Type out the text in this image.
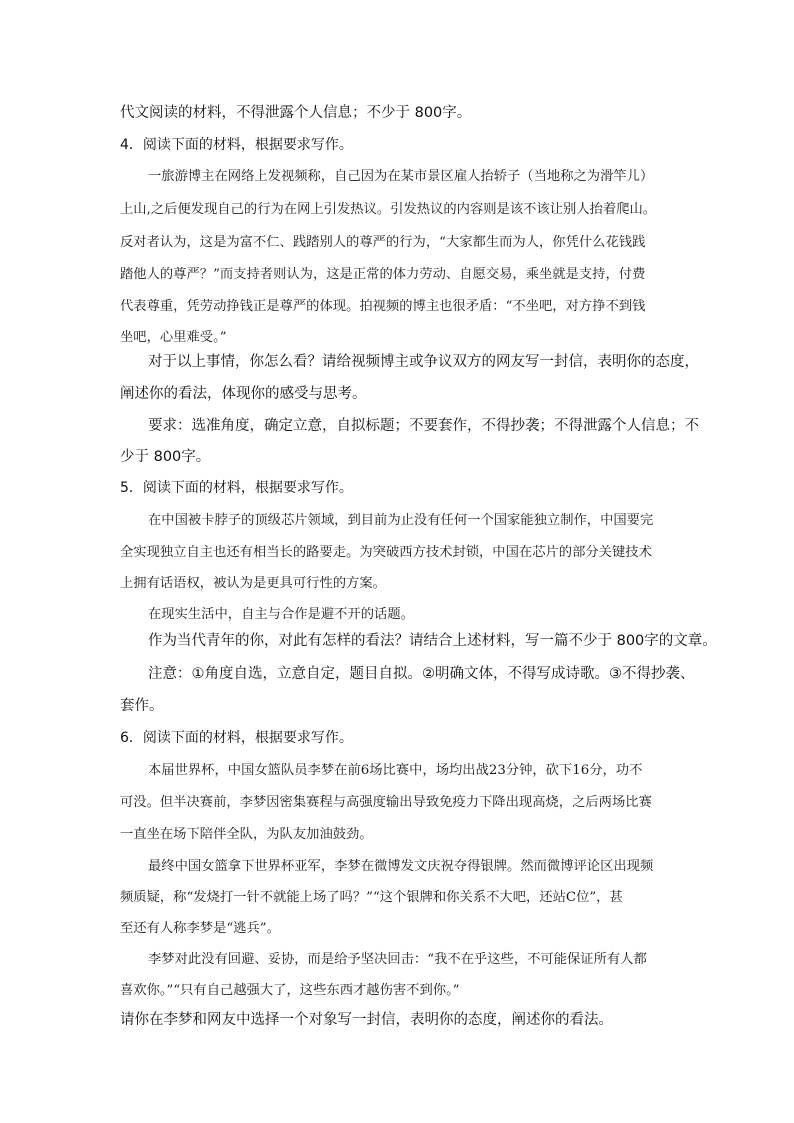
代文阅读的材料，不得泄露个人信息；不少于 800字。
4．阅读下面的材料，根据要求写作。
一旅游博主在网络上发视频称，自己因为在某市景区雇人抬轿子（当地称之为滑竿儿）
上山,之后便发现自己的行为在网上引发热议。引发热议的内容则是该不该让别人抬着爬山。
反对者认为，这是为富不仁、践踏别人的尊严的行为，“大家都生而为人，你凭什么花钱践
踏他人的尊严？”而支持者则认为，这是正常的体力劳动、自愿交易，乘坐就是支持，付费
代表尊重，凭劳动挣钱正是尊严的体现。拍视频的博主也很矛盾：“不坐吧，对方挣不到钱
坐吧，心里难受。”
对于以上事情，你怎么看？请给视频博主或争议双方的网友写一封信，表明你的态度，
阐述你的看法，体现你的感受与思考。
要求：选准角度，确定立意，自拟标题；不要套作，不得抄袭；不得泄露个人信息；不
少于 800字。
5．阅读下面的材料，根据要求写作。
在中国被卡脖子的顶级芯片领域，到目前为止没有任何一个国家能独立制作，中国要完
全实现独立自主也还有相当长的路要走。为突破西方技术封锁，中国在芯片的部分关键技术
上拥有话语权，被认为是更具可行性的方案。
在现实生活中，自主与合作是避不开的话题。
作为当代青年的你，对此有怎样的看法？请结合上述材料，写一篇不少于 800字的文章。
注意：①角度自选，立意自定，题目自拟。②明确文体，不得写成诗歌。③不得抄袭、
套作。
6．阅读下面的材料，根据要求写作。
本届世界杯，中国女篮队员李梦在前6场比赛中，场均出战23分钟，砍下16分，功不
可没。但半决赛前，李梦因密集赛程与高强度输出导致免疫力下降出现高烧，之后两场比赛
一直坐在场下陪伴全队，为队友加油鼓劲。
最终中国女篮拿下世界杯亚军，李梦在微博发文庆祝夺得银牌。然而微博评论区出现频
频质疑，称“发烧打一针不就能上场了吗？”“这个银牌和你关系不大吧，还站C位”，甚
至还有人称李梦是“逃兵”。
李梦对此没有回避、妥协，而是给予坚决回击：“我不在乎这些，不可能保证所有人都
喜欢你。”“只有自己越强大了，这些东西才越伤害不到你。”
请你在李梦和网友中选择一个对象写一封信，表明你的态度，阐述你的看法。
